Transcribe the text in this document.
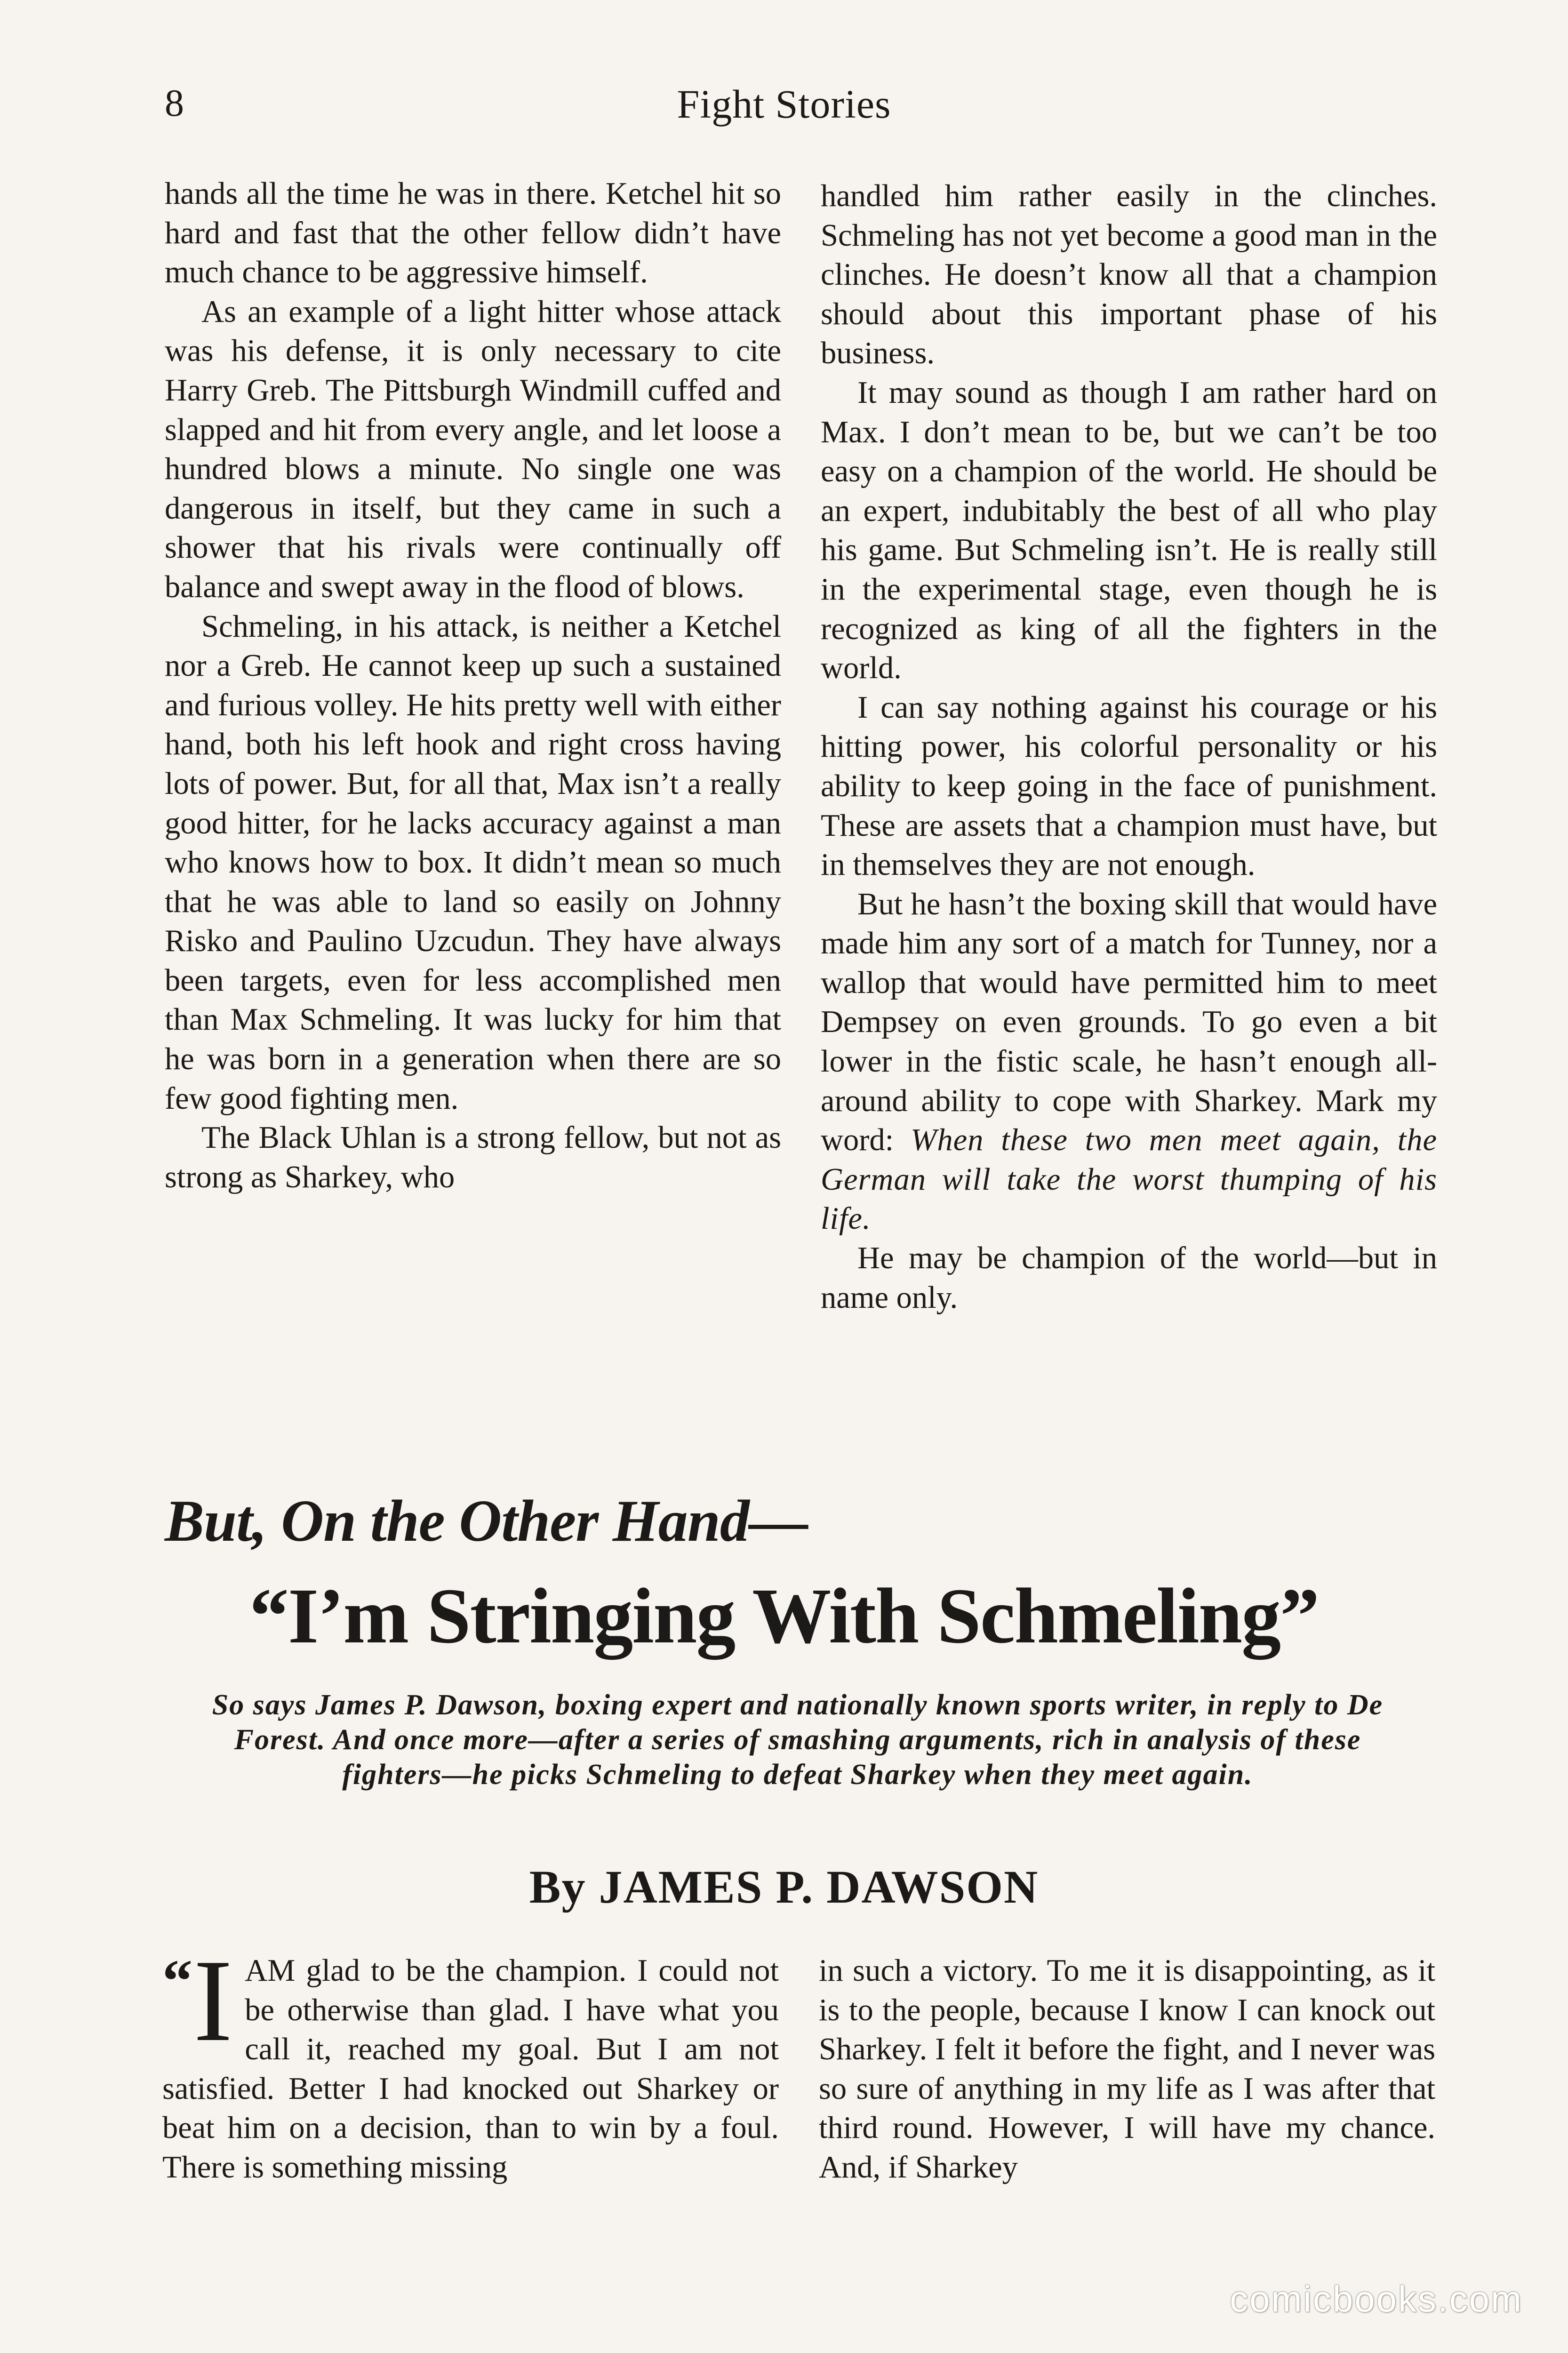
8	Fight Stories

hands all the time he was in there. Ketchel hit so hard and fast that the other fellow didn’t have much chance to be aggressive himself.

As an example of a light hitter whose attack was his defense, it is only necessary to cite Harry Greb. The Pittsburgh Windmill cuffed and slapped and hit from every angle, and let loose a hundred blows a minute. No single one was dangerous in itself, but they came in such a shower that his rivals were continually off balance and swept away in the flood of blows.

Schmeling, in his attack, is neither a Ketchel nor a Greb. He cannot keep up such a sustained and furious volley. He hits pretty well with either hand, both his left hook and right cross having lots of power. But, for all that, Max isn’t a really good hitter, for he lacks accuracy against a man who knows how to box. It didn’t mean so much that he was able to land so easily on Johnny Risko and Paulino Uzcudun. They have always been targets, even for less accomplished men than Max Schmeling. It was lucky for him that he was born in a generation when there are so few good fighting men.

The Black Uhlan is a strong fellow, but not as strong as Sharkey, who

handled him rather easily in the clinches. Schmeling has not yet become a good man in the clinches. He doesn’t know all that a champion should about this important phase of his business.

It may sound as though I am rather hard on Max. I don’t mean to be, but we can’t be too easy on a champion of the world. He should be an expert, indubitably the best of all who play his game. But Schmeling isn’t. He is really still in the experimental stage, even though he is recognized as king of all the fighters in the world.

I can say nothing against his courage or his hitting power, his colorful personality or his ability to keep going in the face of punishment. These are assets that a champion must have, but in themselves they are not enough.

But he hasn’t the boxing skill that would have made him any sort of a match for Tunney, nor a wallop that would have permitted him to meet Dempsey on even grounds. To go even a bit lower in the fistic scale, he hasn’t enough all-around ability to cope with Sharkey. Mark my word: When these two men meet again, the German will take the worst thumping of his life.

He may be champion of the world—but in name only.

But, On the Other Hand—
“I’m Stringing With Schmeling”
So says James P. Dawson, boxing expert and nationally known sports writer, in reply to De Forest. And once more—after a series of smashing arguments, rich in analysis of these fighters—he picks Schmeling to defeat Sharkey when they meet again.
By JAMES P. DAWSON

“ I AM glad to be the champion. I could not be otherwise than glad. I have what you call it, reached my goal. But I am not satisfied. Better I had knocked out Sharkey or beat him on a decision, than to win by a foul. There is something missing

in such a victory. To me it is disappointing, as it is to the people, because I know I can knock out Sharkey. I felt it before the fight, and I never was so sure of anything in my life as I was after that third round. However, I will have my chance. And, if Sharkey

comicbooks.com
